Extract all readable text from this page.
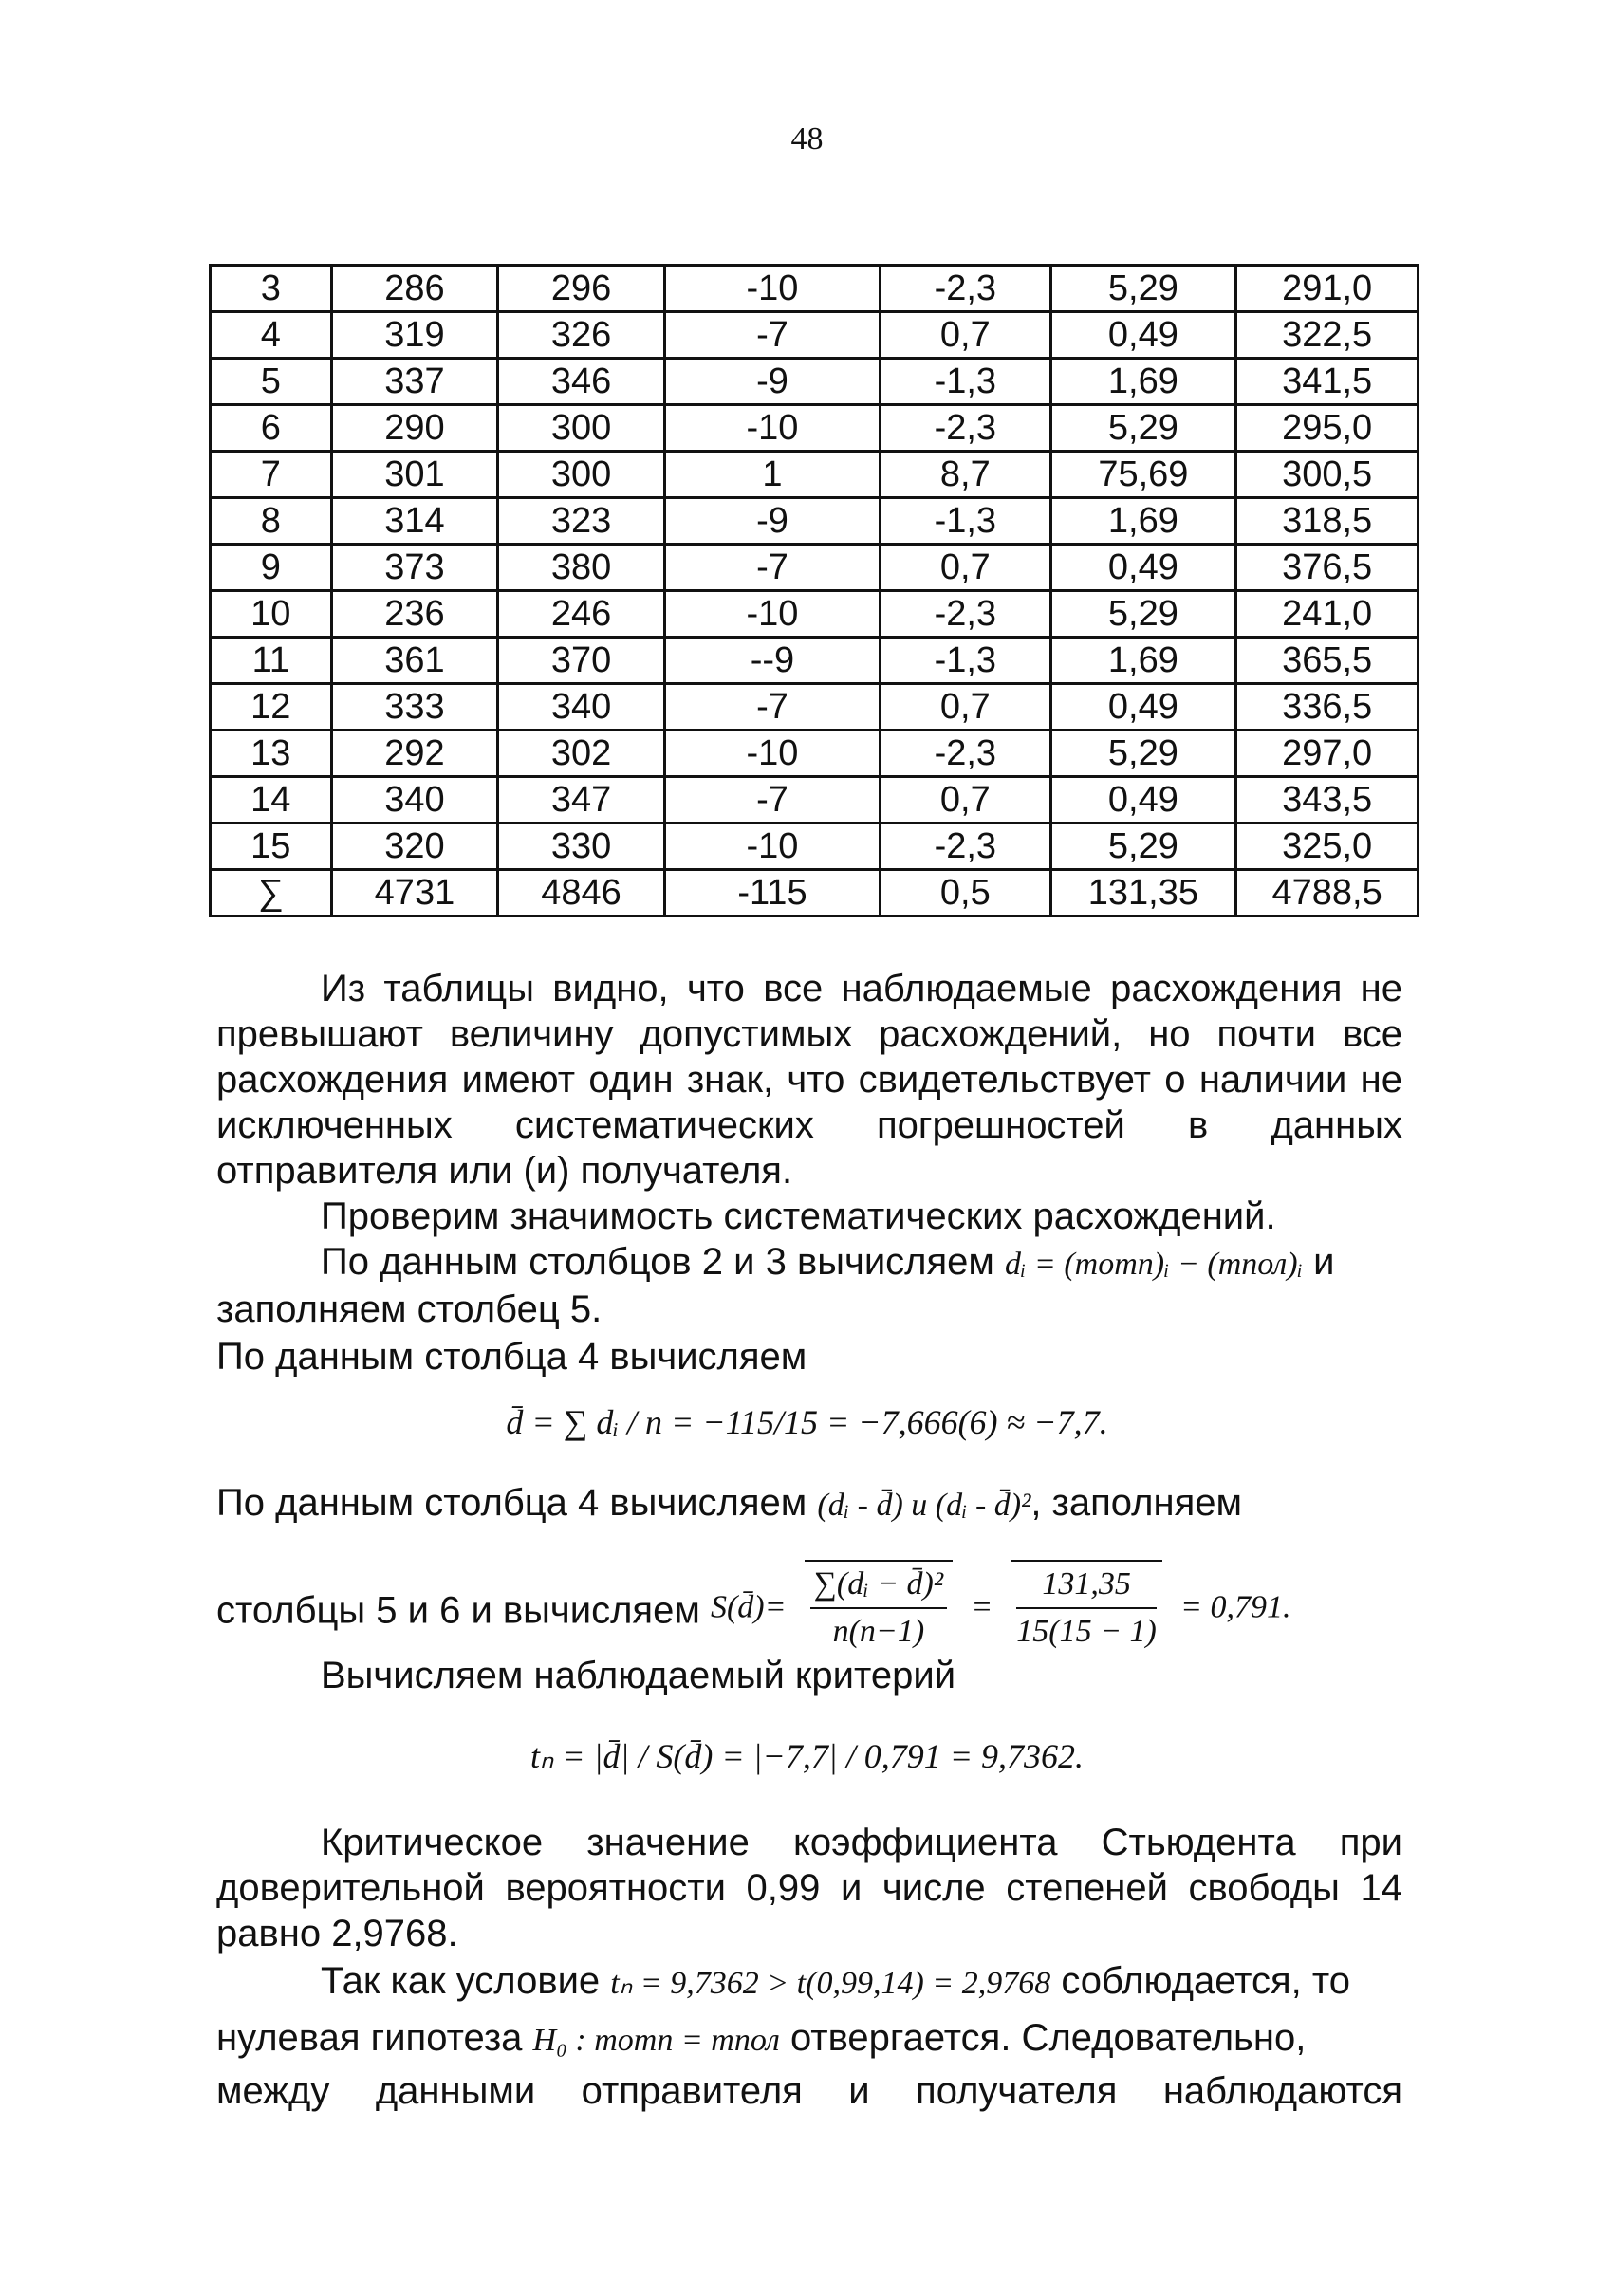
48
3	286	296	-10	-2,3	5,29	291,0
4	319	326	-7	0,7	0,49	322,5
5	337	346	-9	-1,3	1,69	341,5
6	290	300	-10	-2,3	5,29	295,0
7	301	300	1	8,7	75,69	300,5
8	314	323	-9	-1,3	1,69	318,5
9	373	380	-7	0,7	0,49	376,5
10	236	246	-10	-2,3	5,29	241,0
11	361	370	--9	-1,3	1,69	365,5
12	333	340	-7	0,7	0,49	336,5
13	292	302	-10	-2,3	5,29	297,0
14	340	347	-7	0,7	0,49	343,5
15	320	330	-10	-2,3	5,29	325,0
∑	4731	4846	-115	0,5	131,35	4788,5
Из таблицы видно, что все наблюдаемые расхождения не превышают величину допустимых расхождений, но почти все расхождения имеют один знак, что свидетельствует о наличии не исключенных систематических погрешностей в данных отправителя или (и) получателя.
Проверим значимость систематических расхождений.
По данным столбцов 2 и 3 вычисляем dᵢ = (mотп)ᵢ − (mпол)ᵢ и
заполняем столбец 5.
По данным столбца 4 вычисляем
d̄ = ∑ dᵢ / n = −115/15 = −7,666(6) ≈ −7,7.
По данным столбца 4 вычисляем (dᵢ - d̄) и (dᵢ - d̄)², заполняем
столбцы 5 и 6 и вычисляем S(d̄)= $\frac{\text{∑(dᵢ − d̄)²}}{n(n-1)} = \frac{131,35}{15(15 - 1)} = 0,791$.
Вычисляем наблюдаемый критерий
tₙ = |d̄| / S(d̄) = |−7,7| / 0,791 = 9,7362.
Критическое значение коэффициента Стьюдента при доверительной вероятности 0,99 и числе степеней свободы 14 равно 2,9768.
Так как условие tₙ = 9,7362 > t(0,99,14) = 2,9768 соблюдается, то
нулевая гипотеза H₀ : mотп = mпол отвергается. Следовательно,
между данными отправителя и получателя наблюдаются
